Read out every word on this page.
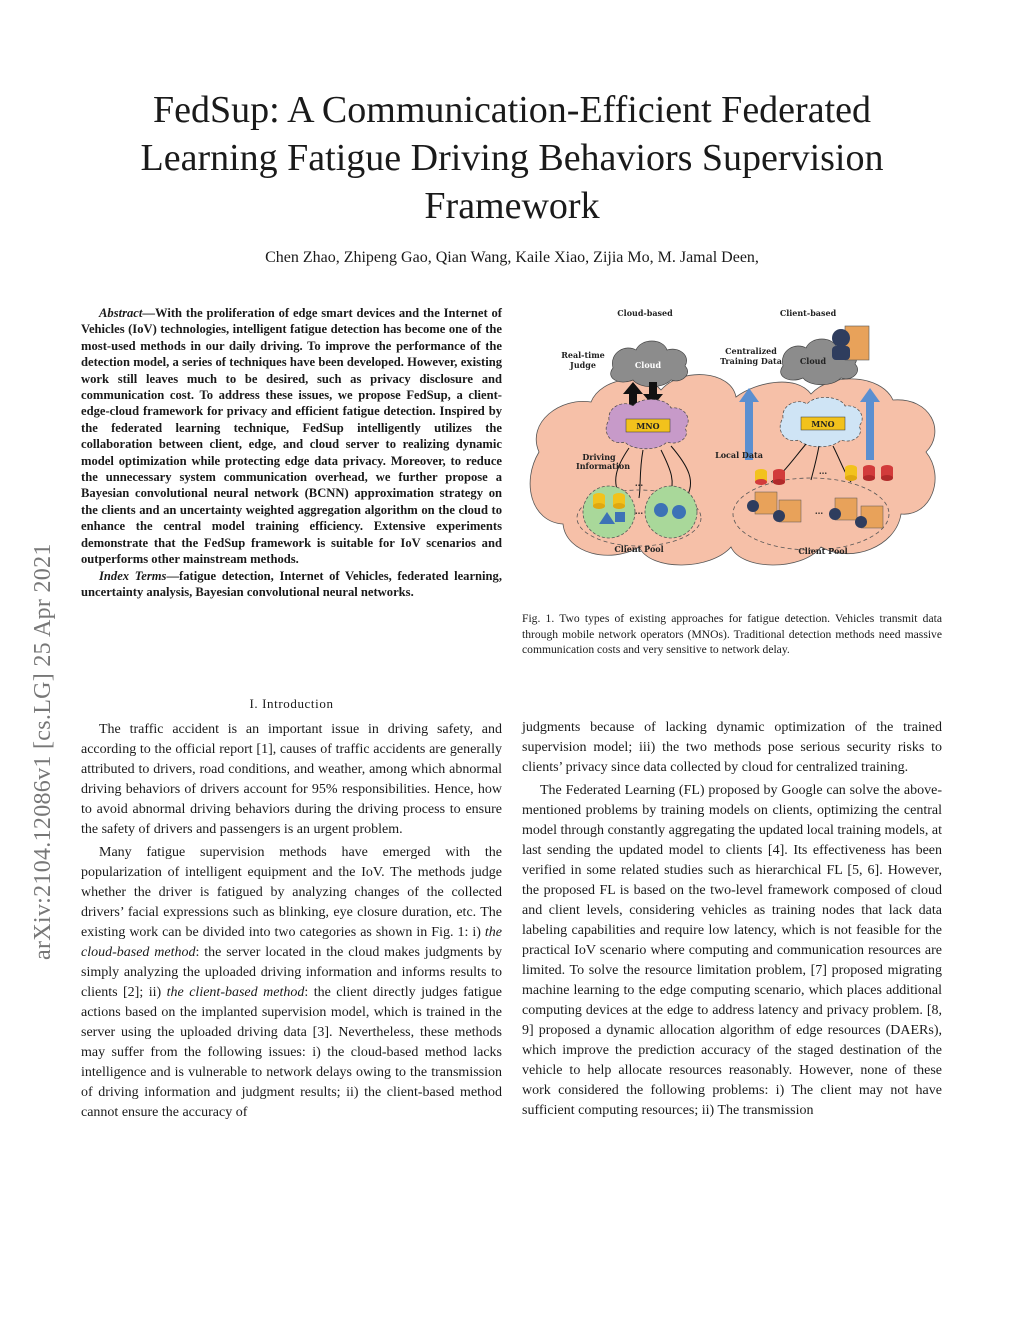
FedSup: A Communication-Efficient Federated Learning Fatigue Driving Behaviors Supervision Framework
Chen Zhao, Zhipeng Gao, Qian Wang, Kaile Xiao, Zijia Mo, M. Jamal Deen,
arXiv:2104.12086v1 [cs.LG] 25 Apr 2021

Abstract—With the proliferation of edge smart devices and the Internet of Vehicles (IoV) technologies, intelligent fatigue detection has become one of the most-used methods in our daily driving. To improve the performance of the detection model, a series of techniques have been developed. However, existing work still leaves much to be desired, such as privacy disclosure and communication cost. To address these issues, we propose FedSup, a client-edge-cloud framework for privacy and efficient fatigue detection. Inspired by the federated learning technique, FedSup intelligently utilizes the collaboration between client, edge, and cloud server to realizing dynamic model optimization while protecting edge data privacy. Moreover, to reduce the unnecessary system communication overhead, we further propose a Bayesian convolutional neural network (BCNN) approximation strategy on the clients and an uncertainty weighted aggregation algorithm on the cloud to enhance the central model training efficiency. Extensive experiments demonstrate that the FedSup framework is suitable for IoV scenarios and outperforms other mainstream methods.

Index Terms—fatigue detection, Internet of Vehicles, federated learning, uncertainty analysis, Bayesian convolutional neural networks.

I. Introduction

The traffic accident is an important issue in driving safety, and according to the official report [1], causes of traffic accidents are generally attributed to drivers, road conditions, and weather, among which abnormal driving behaviors of drivers account for 95% responsibilities. Hence, how to avoid abnormal driving behaviors during the driving process to ensure the safety of drivers and passengers is an urgent problem.

Many fatigue supervision methods have emerged with the popularization of intelligent equipment and the IoV. The methods judge whether the driver is fatigued by analyzing changes of the collected drivers’ facial expressions such as blinking, eye closure duration, etc. The existing work can be divided into two categories as shown in Fig. 1: i) the cloud-based method: the server located in the cloud makes judgments by simply analyzing the uploaded driving information and informs results to clients [2]; ii) the client-based method: the client directly judges fatigue actions based on the implanted supervision model, which is trained in the server using the uploaded driving data [3]. Nevertheless, these methods may suffer from the following issues: i) the cloud-based method lacks intelligence and is vulnerable to network delays owing to the transmission of driving information and judgment results; ii) the client-based method cannot ensure the accuracy of

Cloud-based	Client-based
Cloud
Real-time
Judge	Cloud
Centralized
Training Data
MNO	MNO
Driving
Information
Local Data
...
...
Client Pool
...
...
Client Pool
Fig. 1. Two types of existing approaches for fatigue detection. Vehicles transmit data through mobile network operators (MNOs). Traditional detection methods need massive communication costs and very sensitive to network delay.

judgments because of lacking dynamic optimization of the trained supervision model; iii) the two methods pose serious security risks to clients’ privacy since data collected by cloud for centralized training.

The Federated Learning (FL) proposed by Google can solve the above-mentioned problems by training models on clients, optimizing the central model through constantly aggregating the updated local training models, at last sending the updated model to clients [4]. Its effectiveness has been verified in some related studies such as hierarchical FL [5, 6]. However, the proposed FL is based on the two-level framework composed of cloud and client levels, considering vehicles as training nodes that lack data labeling capabilities and require low latency, which is not feasible for the practical IoV scenario where computing and communication resources are limited. To solve the resource limitation problem, [7] proposed migrating machine learning to the edge computing scenario, which places additional computing devices at the edge to address latency and privacy problem. [8, 9] proposed a dynamic allocation algorithm of edge resources (DAERs), which improve the prediction accuracy of the staged destination of the vehicle to help allocate resources reasonably. However, none of these work considered the following problems: i) The client may not have sufficient computing resources; ii) The transmission
